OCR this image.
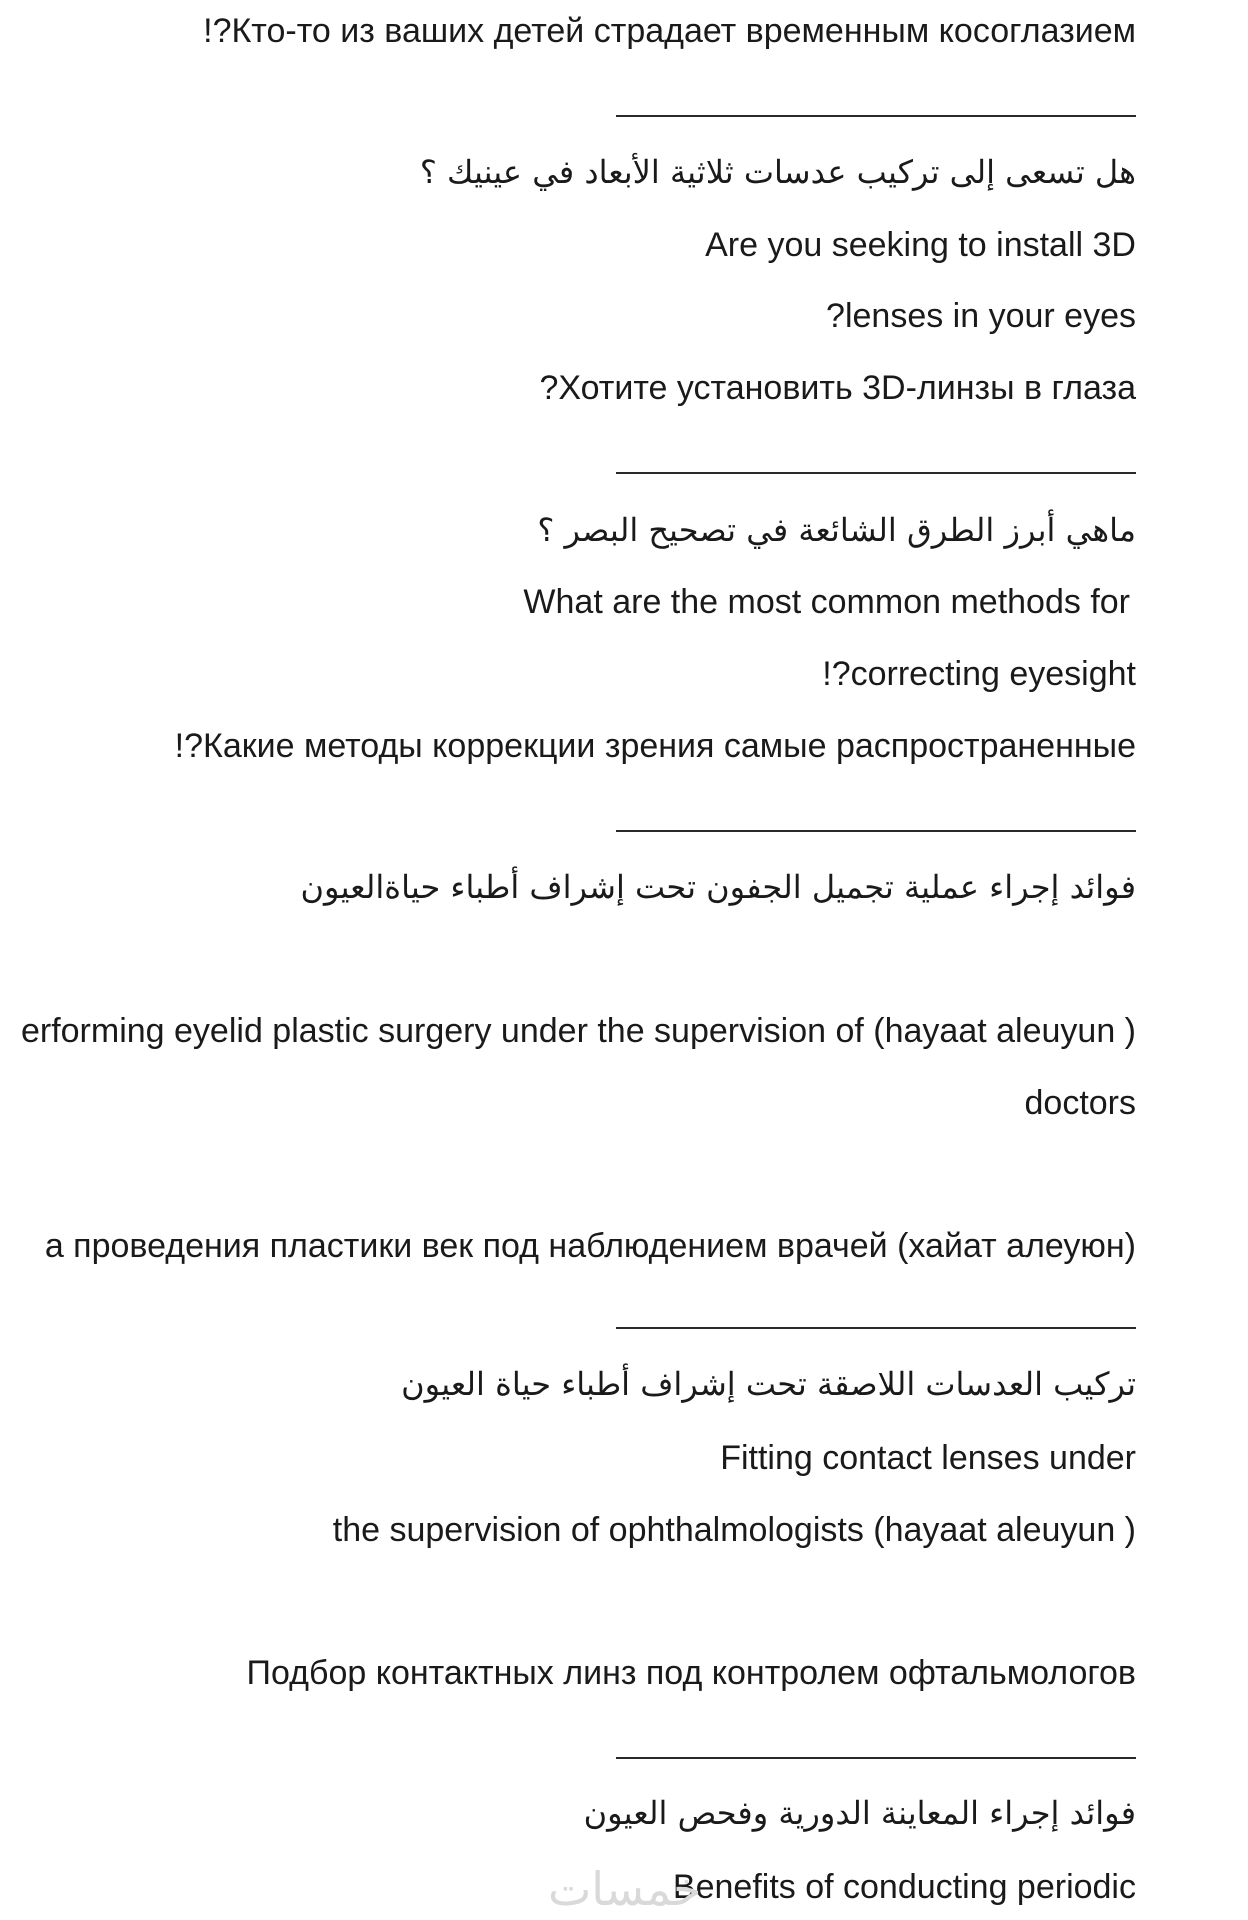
!?Кто-то из ваших детей страдает временным косоглазием
هل تسعى إلى تركيب عدسات ثلاثية الأبعاد في عينيك ؟
Are you seeking to install 3D
?lenses in your eyes
?Хотите установить 3D-линзы в глаза
ماهي أبرز الطرق الشائعة في تصحيح البصر ؟
What are the most common methods for
!?correcting eyesight
!?Какие методы коррекции зрения самые распространенные
فوائد إجراء عملية تجميل الجفون تحت إشراف أطباء حياةالعيون
erforming eyelid plastic surgery under the supervision of (hayaat aleuyun )
doctors
а проведения пластики век под наблюдением врачей (хайат алеуюн)
تركيب العدسات اللاصقة تحت إشراف أطباء حياة العيون
Fitting contact lenses under
the supervision of ophthalmologists (hayaat aleuyun )
Подбор контактных линз под контролем офтальмологов
فوائد إجراء المعاينة الدورية وفحص العيون
Benefits of conducting periodic
خمسات
